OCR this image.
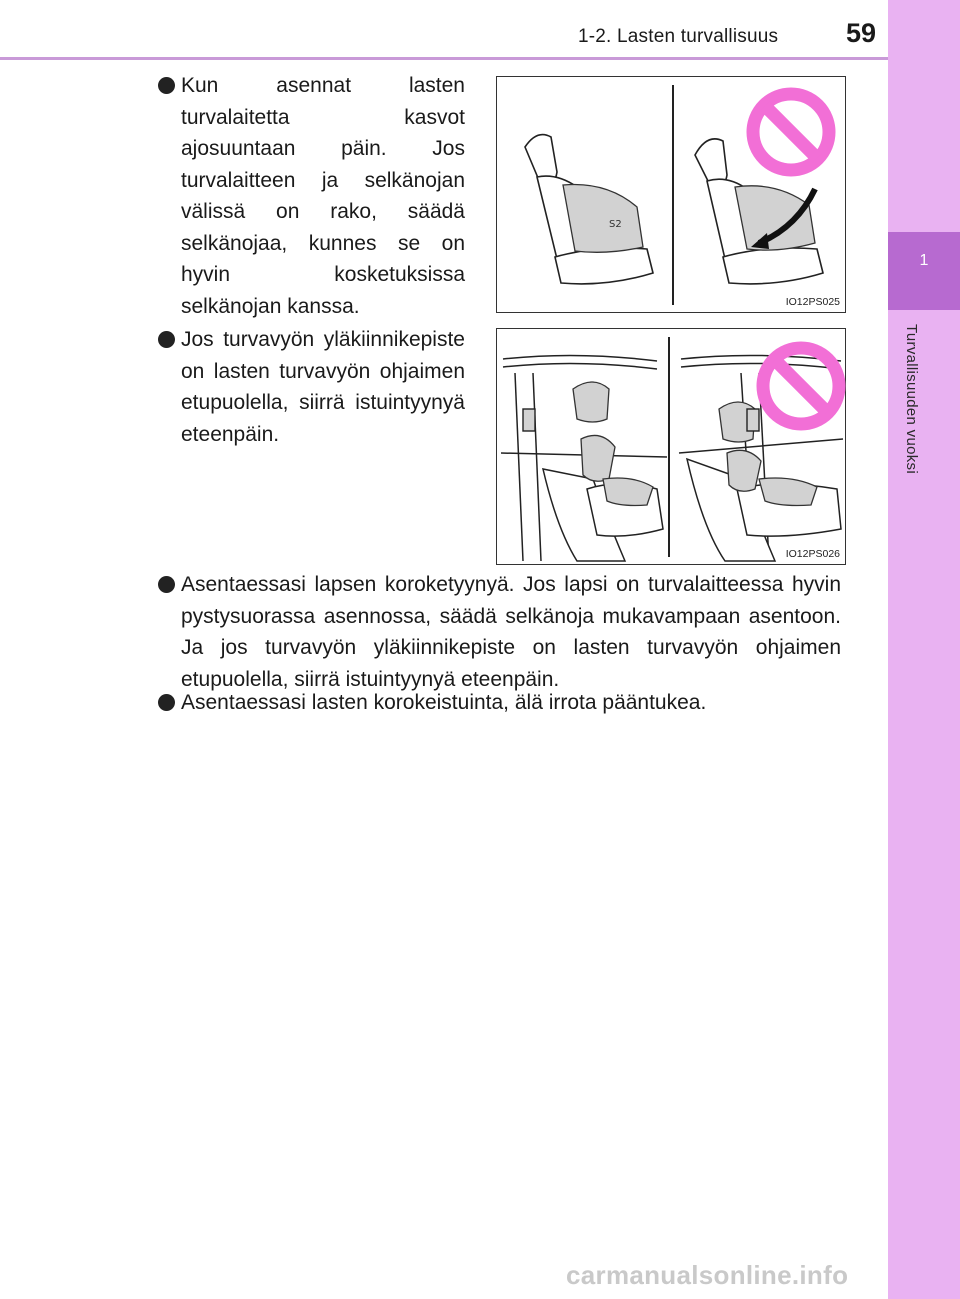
1-2. Lasten turvallisuus	59
1
Turvallisuuden vuoksi
Kun asennat lasten turvalaitetta kasvot ajosuuntaan päin. Jos turvalaitteen ja selkänojan välissä on rako, säädä selkänojaa, kunnes se on hyvin kosketuksissa selkänojan kanssa.
S2
IO12PS025
Jos turvavyön yläkiinnikepiste on lasten turvavyön ohjaimen etupuolella, siirrä istuintyynyä eteenpäin.
IO12PS026
Asentaessasi lapsen koroketyynyä. Jos lapsi on turvalaitteessa hyvin pystysuorassa asennossa, säädä selkänoja mukavampaan asentoon. Ja jos turvavyön yläkiinnikepiste on lasten turvavyön ohjaimen etupuolella, siirrä istuintyynyä eteenpäin.
Asentaessasi lasten korokeistuinta, älä irrota pääntukea.
carmanualsonline.info
